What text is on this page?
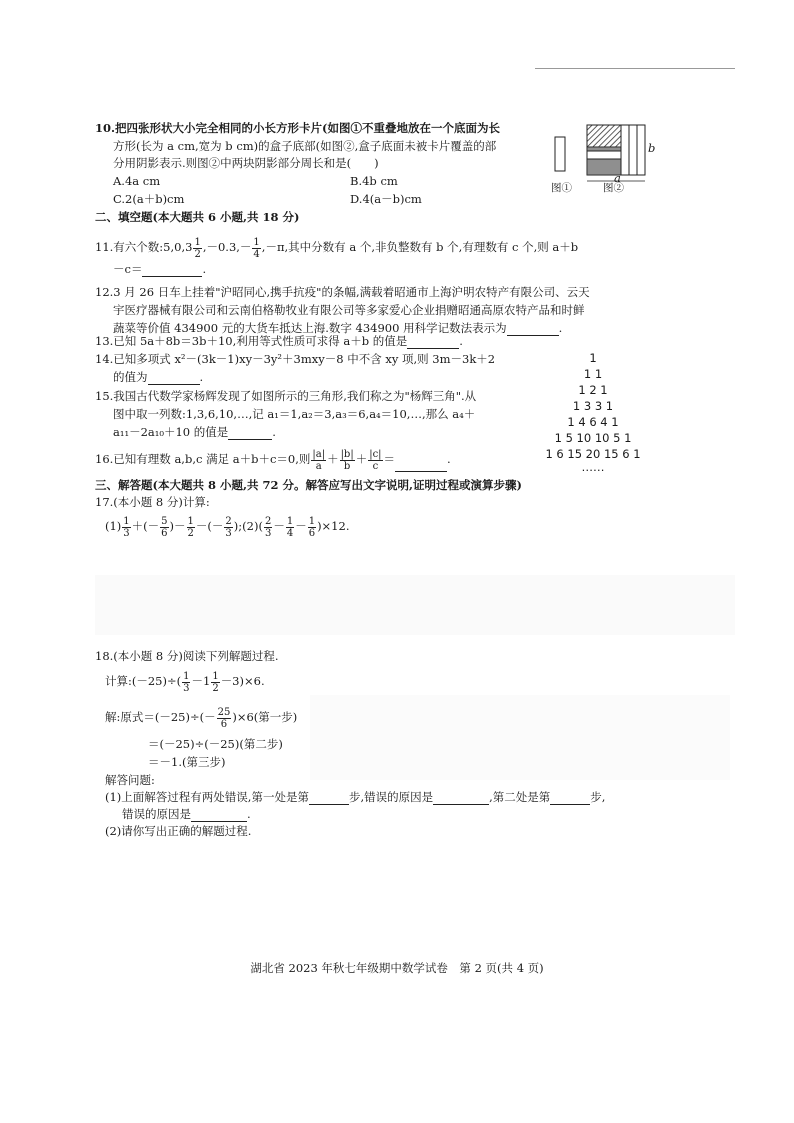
10.把四张形状大小完全相同的小长方形卡片(如图①不重叠地放在一个底面为长
方形(长为 a cm,宽为 b cm)的盒子底部(如图②,盒子底面未被卡片覆盖的部
分用阴影表示.则图②中两块阴影部分周长和是(　　)
A.4a cm	B.4b cm
C.2(a＋b)cm	D.4(a－b)cm
b
a
图①	图②
二、填空题(本大题共 6 小题,共 18 分)
11.有六个数:5,0,3 $\frac{1}{2} ,-0.3,- \frac{1}{4} ,-\pi$,其中分数有 a 个,非负整数有 b 个,有理数有 c 个,则 a＋b
－c＝	.
12.3 月 26 日车上挂着"沪昭同心,携手抗疫"的条幅,满载着昭通市上海沪明农特产有限公司、云天
宇医疗器械有限公司和云南伯格勒牧业有限公司等多家爱心企业捐赠昭通高原农特产品和时鲜
蔬菜等价值 434900 元的大货车抵达上海.数字 434900 用科学记数法表示为	.
13.已知 5a＋8b＝3b＋10,利用等式性质可求得 a＋b 的值是	.
14.已知多项式 x²－(3k－1)xy－3y²＋3mxy－8 中不含 xy 项,则 3m－3k＋2
的值为	.
15.我国古代数学家杨辉发现了如图所示的三角形,我们称之为"杨辉三角".从
图中取一列数:1,3,6,10,…,记 a₁＝1,a₂＝3,a₃＝6,a₄＝10,…,那么 a₄＋
a₁₁－2a₁₀＋10 的值是	.
1
1 1
1 2 1
1 3 3 1
1 4 6 4 1
1 5 10 10 5 1
1 6 15 20 15 6 1
……
16.已知有理数 a,b,c 满足 a＋b＋c＝0,则 $\frac{|a|}{a} + \frac{|b|}{b} + \frac{|c|}{c}$ ＝	.
三、解答题(本大题共 8 小题,共 72 分。解答应写出文字说明,证明过程或演算步骤)
17.(本小题 8 分)计算:
$(1) \frac{1}{3}$ ＋(－ $\frac{5}{6}$ )－ $\frac{1}{2}$ －(－ $\frac{2}{3}$ );(2)( $\frac{2}{3} - \frac{1}{4} - \frac{1}{6} )\times 12$.
18.(本小题 8 分)阅读下列解题过程.
计算:(－25)÷( $\frac{1}{3} -1 \frac{1}{2} -3)\times 6$.
解:原式$=(-25)\div(- \frac{25}{6} )\times 6$(第一步)
＝(－25)÷(－25)(第二步)
＝－1.(第三步)
解答问题:
(1)上面解答过程有两处错误,第一处是第	步,错误的原因是	,第二处是第	步,
错误的原因是	.
(2)请你写出正确的解题过程.
湖北省 2023 年秋七年级期中数学试卷　第 2 页(共 4 页)
